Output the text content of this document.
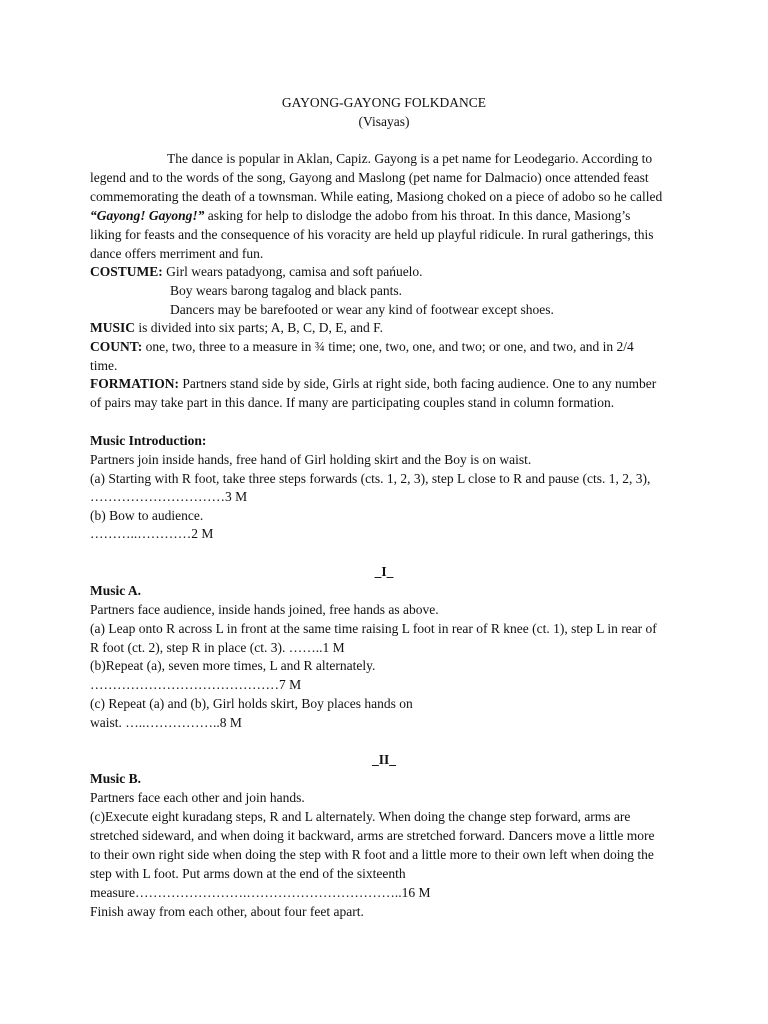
GAYONG-GAYONG FOLKDANCE
(Visayas)
The dance is popular in Aklan, Capiz. Gayong is a pet name for Leodegario. According to
legend and to the words of the song, Gayong and Maslong (pet name for Dalmacio) once attended feast
commemorating the death of a townsman. While eating, Masiong choked on a piece of adobo so he called
“Gayong! Gayong!” asking for help to dislodge the adobo from his throat. In this dance, Masiong’s
liking for feasts and the consequence of his voracity are held up playful ridicule. In rural gatherings, this
dance offers merriment and fun.
COSTUME: Girl wears patadyong, camisa and soft pańuelo.
Boy wears barong tagalog and black pants.
Dancers may be barefooted or wear any kind of footwear except shoes.
MUSIC is divided into six parts; A, B, C, D, E, and F.
COUNT: one, two, three to a measure in ¾ time; one, two, one, and two; or one, and two, and in 2/4
time.
FORMATION: Partners stand side by side, Girls at right side, both facing audience. One to any number
of pairs may take part in this dance. If many are participating couples stand in column formation.
Music Introduction:
Partners join inside hands, free hand of Girl holding skirt and the Boy is on waist.
(a) Starting with R foot, take three steps forwards (cts. 1, 2, 3), step L close to R and pause (cts. 1, 2, 3),
…………………………3 M
(b) Bow to audience.
………..…………2 M
_I_
Music A.
Partners face audience, inside hands joined, free hands as above.
(a) Leap onto R across L in front at the same time raising L foot in rear of R knee (ct. 1), step L in rear of
R foot (ct. 2), step R in place (ct. 3). ……..1 M
(b)Repeat (a), seven more times, L and R alternately.
……………………………………7 M
(c) Repeat (a) and (b), Girl holds skirt, Boy places hands on
waist. …..……………..8 M
_II_
Music B.
Partners face each other and join hands.
(c)Execute eight kuradang steps, R and L alternately. When doing the change step forward, arms are
stretched sideward, and when doing it backward, arms are stretched forward. Dancers move a little more
to their own right side when doing the step with R foot and a little more to their own left when doing the
step with L foot. Put arms down at the end of the sixteenth
measure…………………….……………………………..16 M
Finish away from each other, about four feet apart.
